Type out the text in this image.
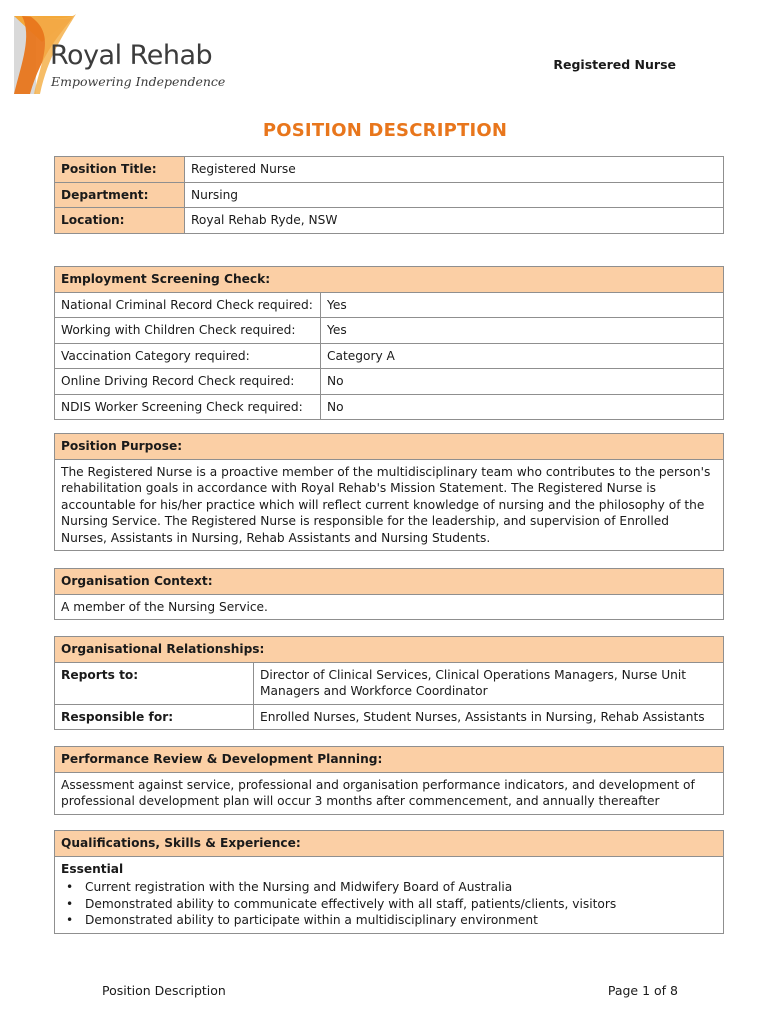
Royal Rehab
Empowering Independence
Registered Nurse
POSITION DESCRIPTION
Position Title:	Registered Nurse
Department:	Nursing
Location:	Royal Rehab Ryde, NSW
Employment Screening Check:	
National Criminal Record Check required:	Yes
Working with Children Check required:	Yes
Vaccination Category required:	Category A
Online Driving Record Check required:	No
NDIS Worker Screening Check required:	No
Position Purpose:
The Registered Nurse is a proactive member of the multidisciplinary team who contributes to the person's rehabilitation goals in accordance with Royal Rehab's Mission Statement. The Registered Nurse is accountable for his/her practice which will reflect current knowledge of nursing and the philosophy of the Nursing Service. The Registered Nurse is responsible for the leadership, and supervision of Enrolled Nurses, Assistants in Nursing, Rehab Assistants and Nursing Students.
Organisation Context:
A member of the Nursing Service.
Organisational Relationships:	
Reports to:	Director of Clinical Services, Clinical Operations Managers, Nurse Unit Managers and Workforce Coordinator
Responsible for:	Enrolled Nurses, Student Nurses, Assistants in Nursing, Rehab Assistants
Performance Review & Development Planning:
Assessment against service, professional and organisation performance indicators, and development of professional development plan will occur 3 months after commencement, and annually thereafter
Qualifications, Skills & Experience:

Essential
• Current registration with the Nursing and Midwifery Board of Australia
• Demonstrated ability to communicate effectively with all staff, patients/clients, visitors
• Demonstrated ability to participate within a multidisciplinary environment
Position Description	Page 1 of 8
